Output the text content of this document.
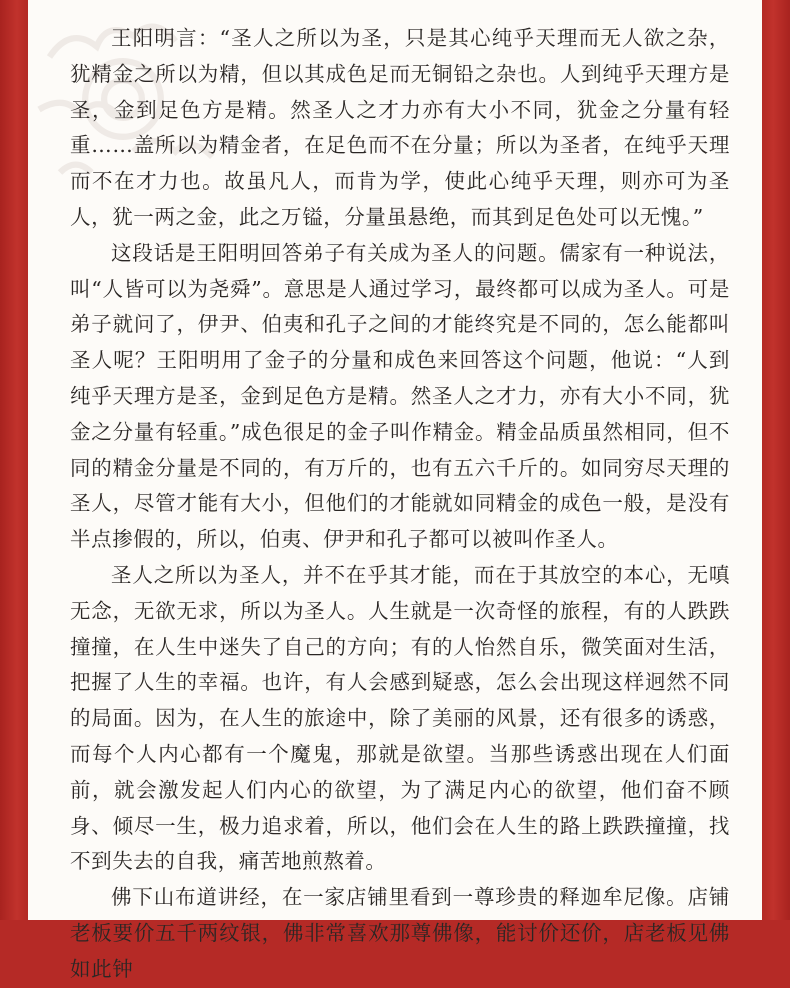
王阳明言：“圣人之所以为圣，只是其心纯乎天理而无人欲之杂，犹精金之所以为精，但以其成色足而无铜铅之杂也。人到纯乎天理方是圣，金到足色方是精。然圣人之才力亦有大小不同，犹金之分量有轻重……盖所以为精金者，在足色而不在分量；所以为圣者，在纯乎天理而不在才力也。故虽凡人，而肯为学，使此心纯乎天理，则亦可为圣人，犹一两之金，此之万镒，分量虽悬绝，而其到足色处可以无愧。”

这段话是王阳明回答弟子有关成为圣人的问题。儒家有一种说法，叫“人皆可以为尧舜”。意思是人通过学习，最终都可以成为圣人。可是弟子就问了，伊尹、伯夷和孔子之间的才能终究是不同的，怎么能都叫圣人呢？王阳明用了金子的分量和成色来回答这个问题，他说：“人到纯乎天理方是圣，金到足色方是精。然圣人之才力，亦有大小不同，犹金之分量有轻重。”成色很足的金子叫作精金。精金品质虽然相同，但不同的精金分量是不同的，有万斤的，也有五六千斤的。如同穷尽天理的圣人，尽管才能有大小，但他们的才能就如同精金的成色一般，是没有半点掺假的，所以，伯夷、伊尹和孔子都可以被叫作圣人。

圣人之所以为圣人，并不在乎其才能，而在于其放空的本心，无嗔无念，无欲无求，所以为圣人。人生就是一次奇怪的旅程，有的人跌跌撞撞，在人生中迷失了自己的方向；有的人怡然自乐，微笑面对生活，把握了人生的幸福。也许，有人会感到疑惑，怎么会出现这样迥然不同的局面。因为，在人生的旅途中，除了美丽的风景，还有很多的诱惑，而每个人内心都有一个魔鬼，那就是欲望。当那些诱惑出现在人们面前，就会激发起人们内心的欲望，为了满足内心的欲望，他们奋不顾身、倾尽一生，极力追求着，所以，他们会在人生的路上跌跌撞撞，找不到失去的自我，痛苦地煎熬着。

佛下山布道讲经，在一家店铺里看到一尊珍贵的释迦牟尼像。店铺老板要价五千两纹银，佛非常喜欢那尊佛像，能讨价还价，店老板见佛如此钟
